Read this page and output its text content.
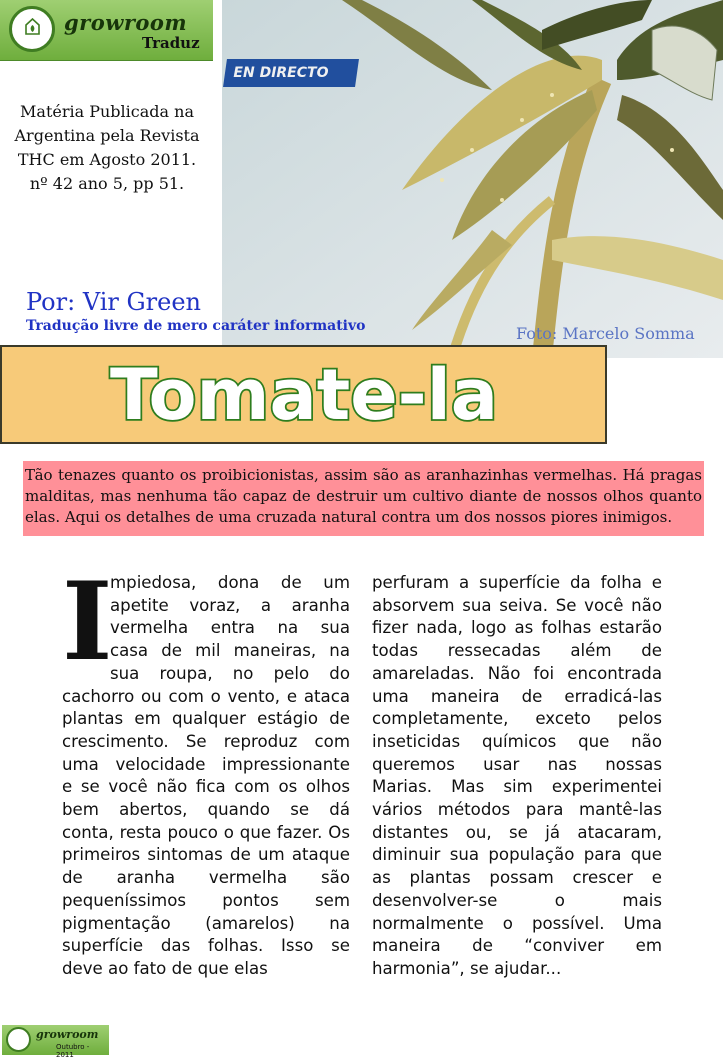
growroom
Traduz
Matéria Publicada na Argentina pela Revista THC em Agosto 2011. nº 42 ano 5, pp 51.
EN DIRECTO
Foto: Marcelo Somma
Por: Vir Green
Tradução livre de mero caráter informativo
Tomate-la
Tão tenazes quanto os proibicionistas, assim são as aranhazinhas vermelhas. Há pragas malditas, mas nenhuma tão capaz de destruir um cultivo diante de nossos olhos quanto elas. Aqui os detalhes de uma cruzada natural contra um dos nossos piores inimigos.
I
mpiedosa, dona de um
apetite voraz, a aranha
vermelha entra na sua
casa de mil maneiras, na
sua roupa, no pelo do
cachorro ou com o vento, e ataca
plantas em qualquer estágio de
crescimento. Se reproduz com
uma velocidade impressionante
e se você não fica com os olhos
bem abertos, quando se dá
conta, resta pouco o que fazer. Os
primeiros sintomas de um ataque
de aranha vermelha são
pequeníssimos pontos sem
pigmentação (amarelos) na
superfície das folhas. Isso se
deve ao fato de que elas
perfuram a superfície da folha e
absorvem sua seiva. Se você não
fizer nada, logo as folhas estarão
todas ressecadas além de
amareladas. Não foi encontrada
uma maneira de erradicá-las
completamente, exceto pelos
inseticidas químicos que não
queremos usar nas nossas
Marias. Mas sim experimentei
vários métodos para mantê-las
distantes ou, se já atacaram,
diminuir sua população para que
as plantas possam crescer e
desenvolver-se o mais
normalmente o possível. Uma
maneira de “conviver em
harmonia”, se ajudar...
growroom
Outubro - 2011
